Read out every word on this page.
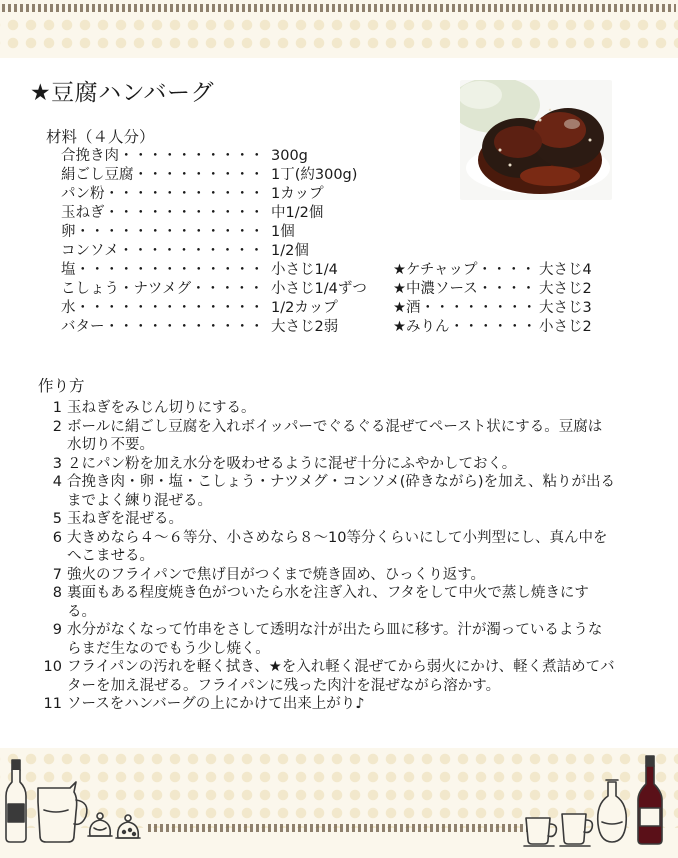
★豆腐ハンバーグ
材料（４人分）
合挽き肉・・・・・・・・・・ 300g
絹ごし豆腐・・・・・・・・・ 1丁(約300g)
パン粉・・・・・・・・・・・ 1カップ
玉ねぎ・・・・・・・・・・・ 中1/2個
卵・・・・・・・・・・・・・ 1個
コンソメ・・・・・・・・・・ 1/2個
塩・・・・・・・・・・・・・ 小さじ1/4
こしょう・ナツメグ・・・・・ 小さじ1/4ずつ
水・・・・・・・・・・・・・ 1/2カップ
バター・・・・・・・・・・・ 大さじ2弱
★ケチャップ・・・・ 大さじ4
★中濃ソース・・・・ 大さじ2
★酒・・・・・・・・ 大さじ3
★みりん・・・・・・ 小さじ2
作り方
1 玉ねぎをみじん切りにする。
2 ボールに絹ごし豆腐を入れボイッパーでぐるぐる混ぜてペースト状にする。豆腐は水切り不要。
3 ２にパン粉を加え水分を吸わせるように混ぜ十分にふやかしておく。
4 合挽き肉・卵・塩・こしょう・ナツメグ・コンソメ(砕きながら)を加え、粘りが出るまでよく練り混ぜる。
5 玉ねぎを混ぜる。
6 大きめなら４～６等分、小さめなら８～10等分くらいにして小判型にし、真ん中をへこませる。
7 強火のフライパンで焦げ目がつくまで焼き固め、ひっくり返す。
8 裏面もある程度焼き色がついたら水を注ぎ入れ、フタをして中火で蒸し焼きにする。
9 水分がなくなって竹串をさして透明な汁が出たら皿に移す。汁が濁っているようならまだ生なのでもう少し焼く。
10 フライパンの汚れを軽く拭き、★を入れ軽く混ぜてから弱火にかけ、軽く煮詰めてバターを加え混ぜる。フライパンに残った肉汁を混ぜながら溶かす。
11 ソースをハンバーグの上にかけて出来上がり♪
